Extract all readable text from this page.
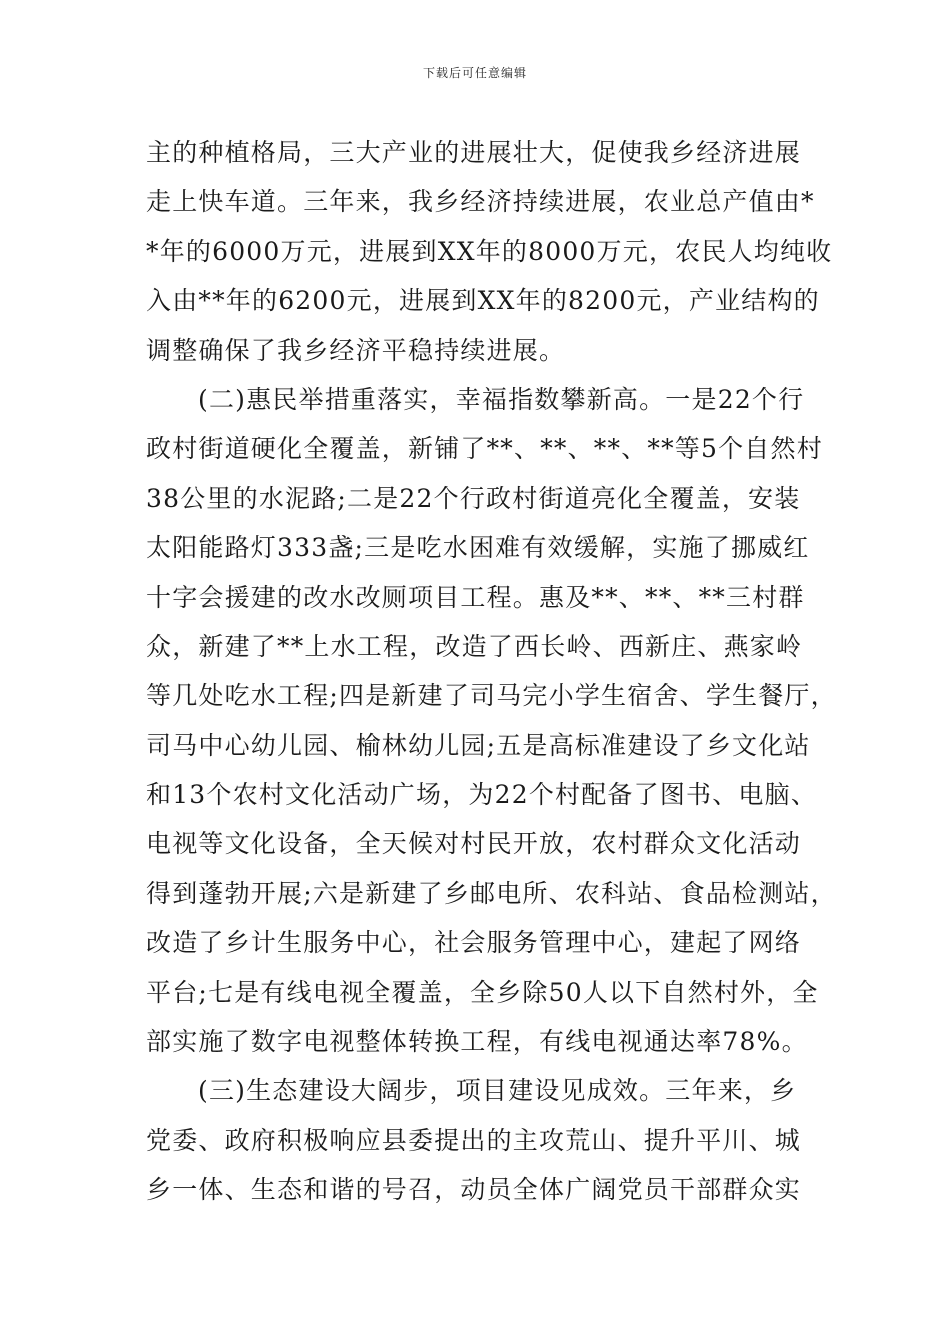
下载后可任意编辑
主的种植格局，三大产业的进展壮大，促使我乡经济进展
走上快车道。三年来，我乡经济持续进展，农业总产值由*
*年的6000万元，进展到XX年的8000万元，农民人均纯收
入由**年的6200元，进展到XX年的8200元，产业结构的
调整确保了我乡经济平稳持续进展。
(二)惠民举措重落实，幸福指数攀新高。一是22个行
政村街道硬化全覆盖，新铺了**、**、**、**等5个自然村
38公里的水泥路;二是22个行政村街道亮化全覆盖，安装
太阳能路灯333盏;三是吃水困难有效缓解，实施了挪威红
十字会援建的改水改厕项目工程。惠及**、**、**三村群
众，新建了**上水工程，改造了西长岭、西新庄、燕家岭
等几处吃水工程;四是新建了司马完小学生宿舍、学生餐厅，
司马中心幼儿园、榆林幼儿园;五是高标准建设了乡文化站
和13个农村文化活动广场，为22个村配备了图书、电脑、
电视等文化设备，全天候对村民开放，农村群众文化活动
得到蓬勃开展;六是新建了乡邮电所、农科站、食品检测站，
改造了乡计生服务中心，社会服务管理中心，建起了网络
平台;七是有线电视全覆盖，全乡除50人以下自然村外，全
部实施了数字电视整体转换工程，有线电视通达率78%。
(三)生态建设大阔步，项目建设见成效。三年来，乡
党委、政府积极响应县委提出的主攻荒山、提升平川、城
乡一体、生态和谐的号召，动员全体广阔党员干部群众实
